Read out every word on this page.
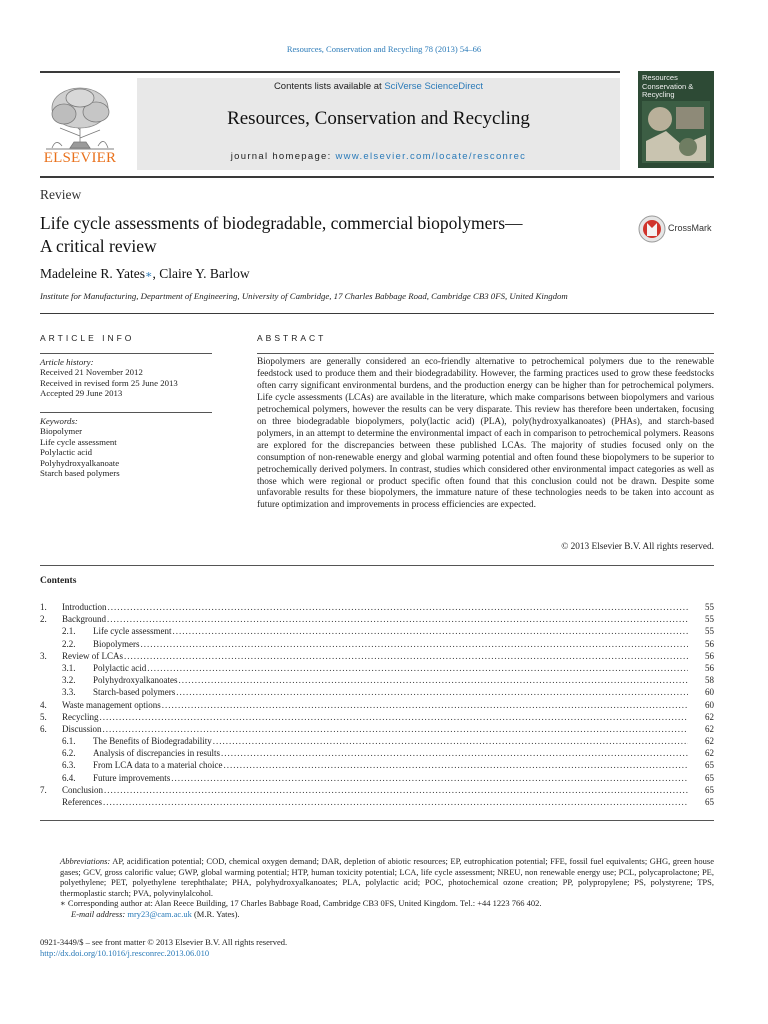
Resources, Conservation and Recycling 78 (2013) 54–66
ELSEVIER
Contents lists available at SciVerse ScienceDirect
Resources, Conservation and Recycling
journal homepage: www.elsevier.com/locate/resconrec
Resources Conservation & Recycling
Review
Life cycle assessments of biodegradable, commercial biopolymers—
A critical review
CrossMark
Madeleine R. Yates∗, Claire Y. Barlow
Institute for Manufacturing, Department of Engineering, University of Cambridge, 17 Charles Babbage Road, Cambridge CB3 0FS, United Kingdom
ARTICLE INFO	ABSTRACT
Article history:
Received 21 November 2012
Received in revised form 25 June 2013
Accepted 29 June 2013
Keywords:
Biopolymer
Life cycle assessment
Polylactic acid
Polyhydroxyalkanoate
Starch based polymers
Biopolymers are generally considered an eco-friendly alternative to petrochemical polymers due to the renewable feedstock used to produce them and their biodegradability. However, the farming practices used to grow these feedstocks often carry significant environmental burdens, and the production energy can be higher than for petrochemical polymers. Life cycle assessments (LCAs) are available in the literature, which make comparisons between biopolymers and various petrochemical polymers, however the results can be very disparate. This review has therefore been undertaken, focusing on three biodegradable biopolymers, poly(lactic acid) (PLA), poly(hydroxyalkanoates) (PHAs), and starch-based polymers, in an attempt to determine the environmental impact of each in comparison to petrochemical polymers. Reasons are explored for the discrepancies between these published LCAs. The majority of studies focused only on the consumption of non-renewable energy and global warming potential and often found these biopolymers to be superior to petrochemically derived polymers. In contrast, studies which considered other environmental impact categories as well as those which were regional or product specific often found that this conclusion could not be drawn. Despite some unfavorable results for these biopolymers, the immature nature of these technologies needs to be taken into account as future optimization and improvements in process efficiencies are expected.
© 2013 Elsevier B.V. All rights reserved.
Contents
1.	Introduction .....	55
2.	Background .....	55
2.1.	Life cycle assessment .....	55
2.2.	Biopolymers .....	56
3.	Review of LCAs .....	56
3.1.	Polylactic acid .....	56
3.2.	Polyhydroxyalkanoates .....	58
3.3.	Starch-based polymers .....	60
4.	Waste management options .....	60
5.	Recycling .....	62
6.	Discussion .....	62
6.1.	The Benefits of Biodegradability .....	62
6.2.	Analysis of discrepancies in results .....	62
6.3.	From LCA data to a material choice .....	65
6.4.	Future improvements .....	65
7.	Conclusion .....	65
References .....	65
Abbreviations: AP, acidification potential; COD, chemical oxygen demand; DAR, depletion of abiotic resources; EP, eutrophication potential; FFE, fossil fuel equivalents; GHG, green house gases; GCV, gross calorific value; GWP, global warming potential; HTP, human toxicity potential; LCA, life cycle assessment; NREU, non renewable energy use; PCL, polycaprolactone; PE, polyethylene; PET, polyethylene terephthalate; PHA, polyhydroxyalkanoates; PLA, polylactic acid; POC, photochemical ozone creation; PP, polypropylene; PS, polystyrene; TPS, thermoplastic starch; PVA, polyvinylalcohol.
∗ Corresponding author at: Alan Reece Building, 17 Charles Babbage Road, Cambridge CB3 0FS, United Kingdom. Tel.: +44 1223 766 402.
E-mail address: mry23@cam.ac.uk (M.R. Yates).
0921-3449/$ – see front matter © 2013 Elsevier B.V. All rights reserved.
http://dx.doi.org/10.1016/j.resconrec.2013.06.010
